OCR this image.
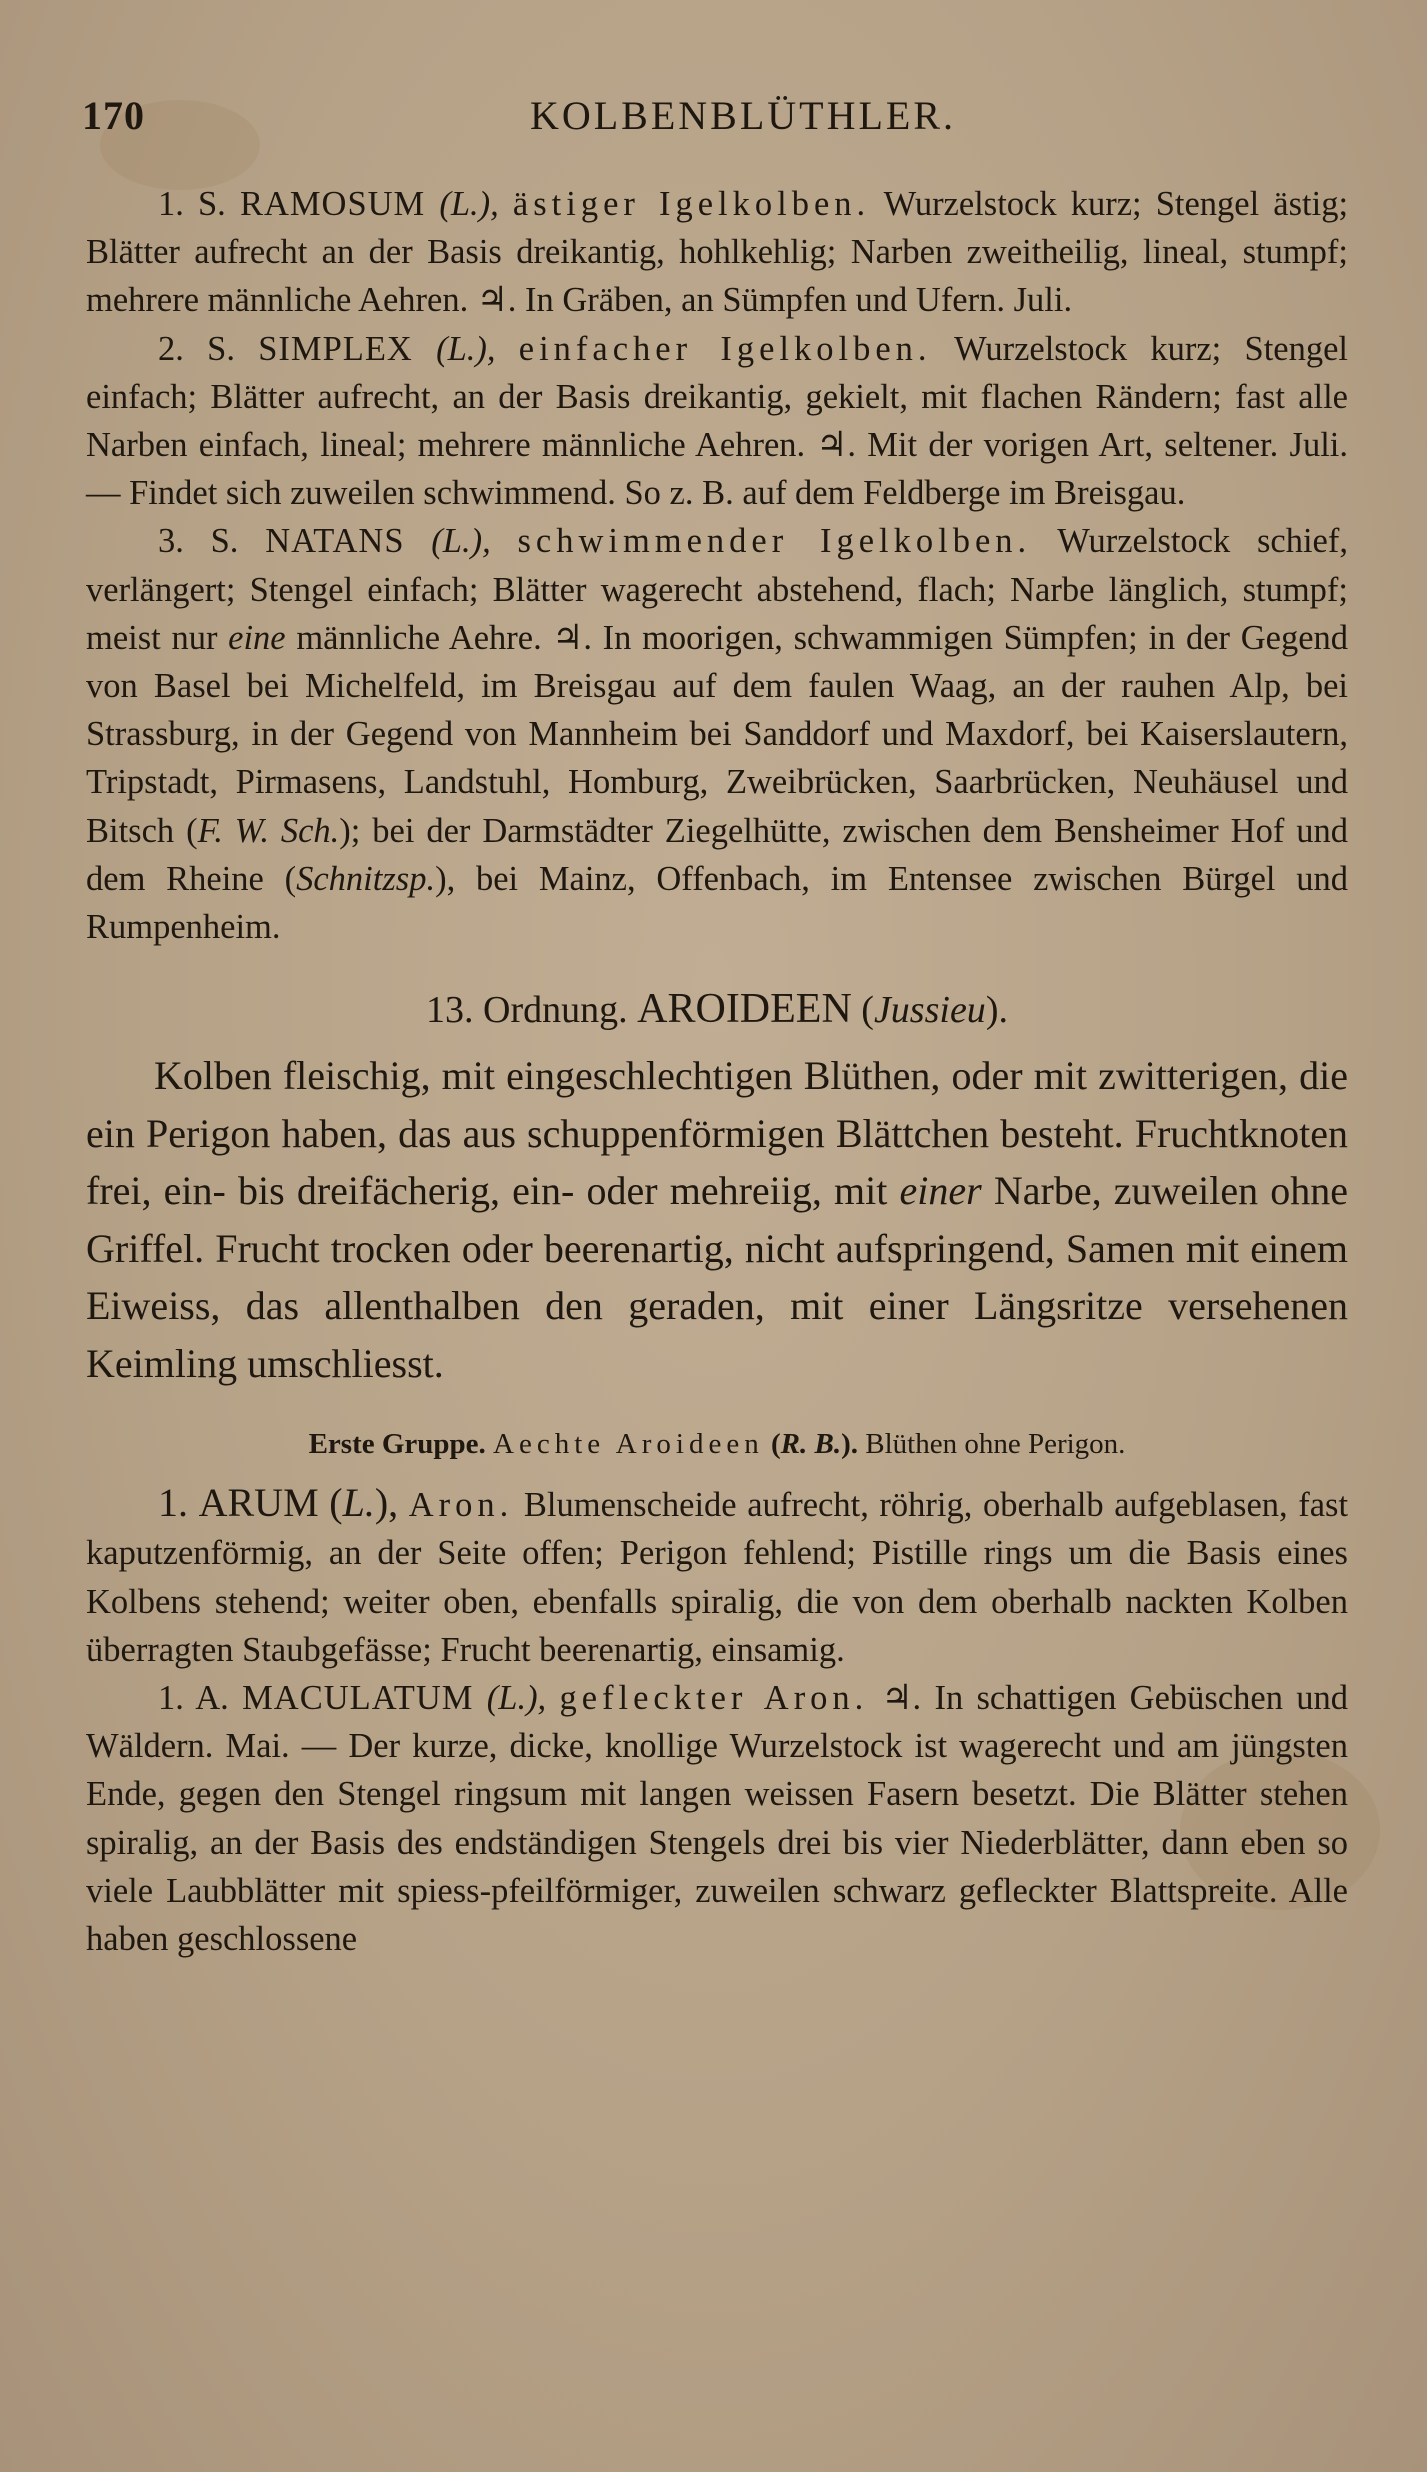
170	KOLBENBLÜTHLER.

1. S. RAMOSUM (L.), ästiger Igelkolben. Wurzelstock kurz; Stengel ästig; Blätter aufrecht an der Basis dreikantig, hohlkehlig; Narben zweitheilig, lineal, stumpf; mehrere männliche Aehren. ♃. In Gräben, an Sümpfen und Ufern. Juli.

2. S. SIMPLEX (L.), einfacher Igelkolben. Wurzelstock kurz; Stengel einfach; Blätter aufrecht, an der Basis dreikantig, gekielt, mit flachen Rändern; fast alle Narben einfach, lineal; mehrere männliche Aehren. ♃. Mit der vorigen Art, seltener. Juli. — Findet sich zuweilen schwimmend. So z. B. auf dem Feldberge im Breisgau.

3. S. NATANS (L.), schwimmender Igelkolben. Wurzelstock schief, verlängert; Stengel einfach; Blätter wagerecht abstehend, flach; Narbe länglich, stumpf; meist nur eine männliche Aehre. ♃. In moorigen, schwammigen Sümpfen; in der Gegend von Basel bei Michelfeld, im Breisgau auf dem faulen Waag, an der rauhen Alp, bei Strassburg, in der Gegend von Mannheim bei Sanddorf und Maxdorf, bei Kaiserslautern, Tripstadt, Pirmasens, Landstuhl, Homburg, Zweibrücken, Saarbrücken, Neuhäusel und Bitsch (F. W. Sch.); bei der Darmstädter Ziegelhütte, zwischen dem Bensheimer Hof und dem Rheine (Schnitzsp.), bei Mainz, Offenbach, im Entensee zwischen Bürgel und Rumpenheim.

13. Ordnung. AROIDEEN (Jussieu).

Kolben fleischig, mit eingeschlechtigen Blüthen, oder mit zwitterigen, die ein Perigon haben, das aus schuppenförmigen Blättchen besteht. Fruchtknoten frei, ein- bis dreifächerig, ein- oder mehreiig, mit einer Narbe, zuweilen ohne Griffel. Frucht trocken oder beerenartig, nicht aufspringend, Samen mit einem Eiweiss, das allenthalben den geraden, mit einer Längsritze versehenen Keimling umschliesst.

Erste Gruppe. Aechte Aroideen (R. B.). Blüthen ohne Perigon.

1. ARUM (L.), Aron. Blumenscheide aufrecht, röhrig, oberhalb aufgeblasen, fast kaputzenförmig, an der Seite offen; Perigon fehlend; Pistille rings um die Basis eines Kolbens stehend; weiter oben, ebenfalls spiralig, die von dem oberhalb nackten Kolben überragten Staubgefässe; Frucht beerenartig, einsamig.

1. A. MACULATUM (L.), gefleckter Aron. ♃. In schattigen Gebüschen und Wäldern. Mai. — Der kurze, dicke, knollige Wurzelstock ist wagerecht und am jüngsten Ende, gegen den Stengel ringsum mit langen weissen Fasern besetzt. Die Blätter stehen spiralig, an der Basis des endständigen Stengels drei bis vier Niederblätter, dann eben so viele Laubblätter mit spiess-pfeilförmiger, zuweilen schwarz gefleckter Blattspreite. Alle haben geschlossene
